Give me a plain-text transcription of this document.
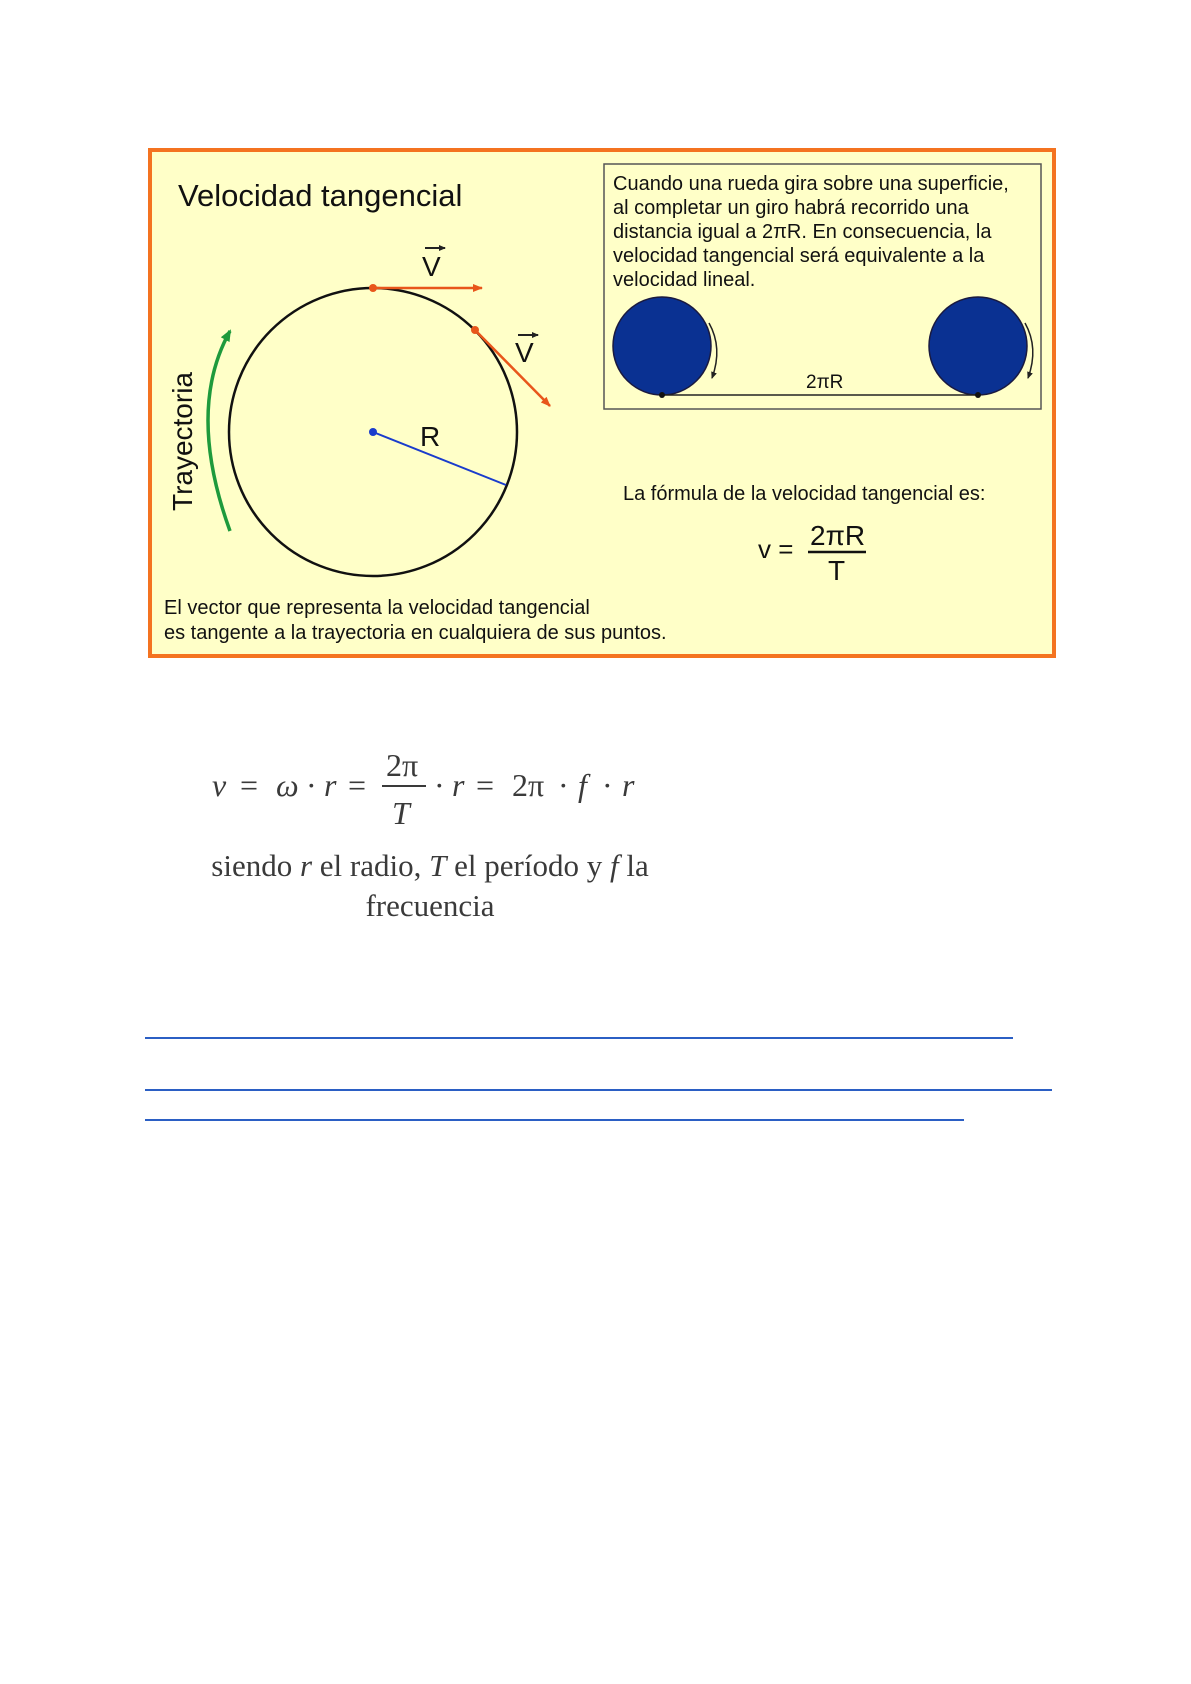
Velocidad tangencial
Trayectoria	R
V
V
El vector que representa la velocidad tangencial
es tangente a la trayectoria en cualquiera de sus puntos.
Cuando una rueda gira sobre una superficie,
al completar un giro habrá recorrido una
distancia igual a 2πR. En consecuencia, la
velocidad tangencial será equivalente a la
velocidad lineal.
2πR
La fórmula de la velocidad tangencial es:
v = 2πR
T
v = ω · r =
2π
T
· r = 2π · f · r
siendo r el radio, T el período y f la
frecuencia
